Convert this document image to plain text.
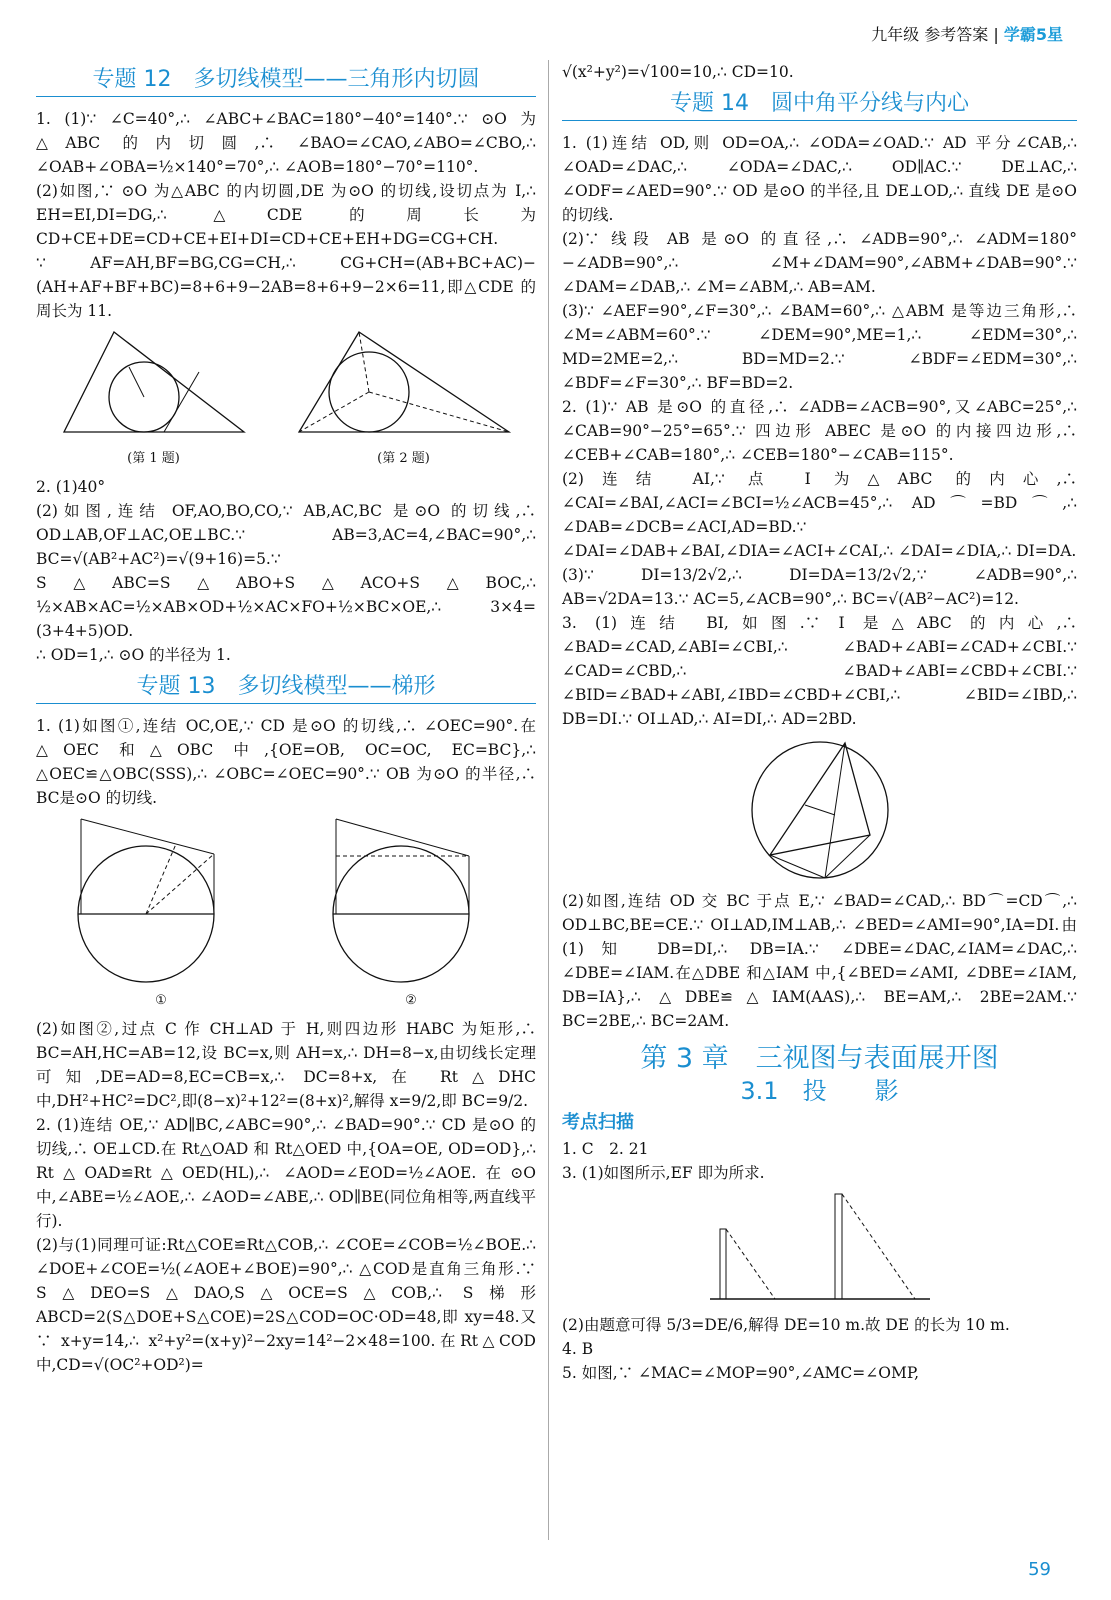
九年级 参考答案 | 学霸5星
专题 12　多切线模型——三角形内切圆

1. (1)∵ ∠C=40°,∴ ∠ABC+∠BAC=180°−40°=140°.∵ ⊙O 为△ABC 的内切圆,∴ ∠BAO=∠CAO,∠ABO=∠CBO,∴ ∠OAB+∠OBA=½×140°=70°,∴ ∠AOB=180°−70°=110°.

(2)如图,∵ ⊙O 为△ABC 的内切圆,DE 为⊙O 的切线,设切点为 I,∴ EH=EI,DI=DG,∴ △CDE 的周长为 CD+CE+DE=CD+CE+EI+DI=CD+CE+EH+DG=CG+CH.

∵ AF=AH,BF=BG,CG=CH,∴ CG+CH=(AB+BC+AC)−(AH+AF+BF+BC)=8+6+9−2AB=8+6+9−2×6=11,即△CDE 的周长为 11.

(第 1 题)	(第 2 题)

2. (1)40°

(2)如图,连结 OF,AO,BO,CO,∵ AB,AC,BC 是⊙O 的切线,∴ OD⊥AB,OF⊥AC,OE⊥BC.∵ AB=3,AC=4,∠BAC=90°,∴ BC=√(AB²+AC²)=√(9+16)=5.∵ S△ABC=S△ABO+S△ACO+S△BOC,∴ ½×AB×AC=½×AB×OD+½×AC×FO+½×BC×OE,∴ 3×4=(3+4+5)OD.

∴ OD=1,∴ ⊙O 的半径为 1.

专题 13　多切线模型——梯形

1. (1)如图①,连结 OC,OE,∵ CD 是⊙O 的切线,∴ ∠OEC=90°.在△OEC 和△OBC 中,{OE=OB, OC=OC, EC=BC},∴ △OEC≌△OBC(SSS),∴ ∠OBC=∠OEC=90°.∵ OB 为⊙O 的半径,∴ BC是⊙O 的切线.

①	②

(2)如图②,过点 C 作 CH⊥AD 于 H,则四边形 HABC 为矩形,∴ BC=AH,HC=AB=12,设 BC=x,则 AH=x,∴ DH=8−x,由切线长定理可知,DE=AD=8,EC=CB=x,∴ DC=8+x,在 Rt△DHC 中,DH²+HC²=DC²,即(8−x)²+12²=(8+x)²,解得 x=9/2,即 BC=9/2.

2. (1)连结 OE,∵ AD∥BC,∠ABC=90°,∴ ∠BAD=90°.∵ CD 是⊙O 的切线,∴ OE⊥CD.在 Rt△OAD 和 Rt△OED 中,{OA=OE, OD=OD},∴ Rt△OAD≌Rt△OED(HL),∴ ∠AOD=∠EOD=½∠AOE.在⊙O 中,∠ABE=½∠AOE,∴ ∠AOD=∠ABE,∴ OD∥BE(同位角相等,两直线平行).

(2)与(1)同理可证:Rt△COE≌Rt△COB,∴ ∠COE=∠COB=½∠BOE.∴ ∠DOE+∠COE=½(∠AOE+∠BOE)=90°,∴ △COD是直角三角形.∵ S△DEO=S△DAO,S△OCE=S△COB,∴ S梯形ABCD=2(S△DOE+S△COE)=2S△COD=OC·OD=48,即 xy=48.又∵ x+y=14,∴ x²+y²=(x+y)²−2xy=14²−2×48=100.在Rt△COD 中,CD=√(OC²+OD²)=

√(x²+y²)=√100=10,∴ CD=10.

专题 14　圆中角平分线与内心

1. (1)连结 OD,则 OD=OA,∴ ∠ODA=∠OAD.∵ AD 平分∠CAB,∴ ∠OAD=∠DAC,∴ ∠ODA=∠DAC,∴ OD∥AC.∵ DE⊥AC,∴ ∠ODF=∠AED=90°.∵ OD 是⊙O 的半径,且 DE⊥OD,∴ 直线 DE 是⊙O 的切线.

(2)∵ 线段 AB 是⊙O 的直径,∴ ∠ADB=90°,∴ ∠ADM=180°−∠ADB=90°,∴ ∠M+∠DAM=90°,∠ABM+∠DAB=90°.∵ ∠DAM=∠DAB,∴ ∠M=∠ABM,∴ AB=AM.

(3)∵ ∠AEF=90°,∠F=30°,∴ ∠BAM=60°,∴ △ABM 是等边三角形,∴ ∠M=∠ABM=60°.∵ ∠DEM=90°,ME=1,∴ ∠EDM=30°,∴ MD=2ME=2,∴ BD=MD=2.∵ ∠BDF=∠EDM=30°,∴ ∠BDF=∠F=30°,∴ BF=BD=2.

2. (1)∵ AB 是⊙O 的直径,∴ ∠ADB=∠ACB=90°,又∠ABC=25°,∴ ∠CAB=90°−25°=65°.∵ 四边形 ABEC 是⊙O 的内接四边形,∴ ∠CEB+∠CAB=180°,∴ ∠CEB=180°−∠CAB=115°.

(2)连结 AI,∵ 点 I 为△ABC 的内心,∴ ∠CAI=∠BAI,∠ACI=∠BCI=½∠ACB=45°,∴ AD⌒=BD⌒,∴ ∠DAB=∠DCB=∠ACI,AD=BD.∵ ∠DAI=∠DAB+∠BAI,∠DIA=∠ACI+∠CAI,∴ ∠DAI=∠DIA,∴ DI=DA.

(3)∵ DI=13/2√2,∴ DI=DA=13/2√2,∵ ∠ADB=90°,∴ AB=√2DA=13.∵ AC=5,∠ACB=90°,∴ BC=√(AB²−AC²)=12.

3. (1)连结 BI,如图.∵ I 是△ABC 的内心,∴ ∠BAD=∠CAD,∠ABI=∠CBI,∴ ∠BAD+∠ABI=∠CAD+∠CBI.∵ ∠CAD=∠CBD,∴ ∠BAD+∠ABI=∠CBD+∠CBI.∵ ∠BID=∠BAD+∠ABI,∠IBD=∠CBD+∠CBI,∴ ∠BID=∠IBD,∴ DB=DI.∵ OI⊥AD,∴ AI=DI,∴ AD=2BD.

(2)如图,连结 OD 交 BC 于点 E,∵ ∠BAD=∠CAD,∴ BD⌒=CD⌒,∴ OD⊥BC,BE=CE.∵ OI⊥AD,IM⊥AB,∴ ∠BED=∠AMI=90°,IA=DI.由(1)知 DB=DI,∴ DB=IA.∵ ∠DBE=∠DAC,∠IAM=∠DAC,∴ ∠DBE=∠IAM.在△DBE 和△IAM 中,{∠BED=∠AMI, ∠DBE=∠IAM, DB=IA},∴ △DBE≌△IAM(AAS),∴ BE=AM,∴ 2BE=2AM.∵ BC=2BE,∴ BC=2AM.

第 3 章　三视图与表面展开图
3.1　投　　影
考点扫描

1. C　2. 21

3. (1)如图所示,EF 即为所求.

(2)由题意可得 5/3=DE/6,解得 DE=10 m.故 DE 的长为 10 m.

4. B

5. 如图,∵ ∠MAC=∠MOP=90°,∠AMC=∠OMP,

59
